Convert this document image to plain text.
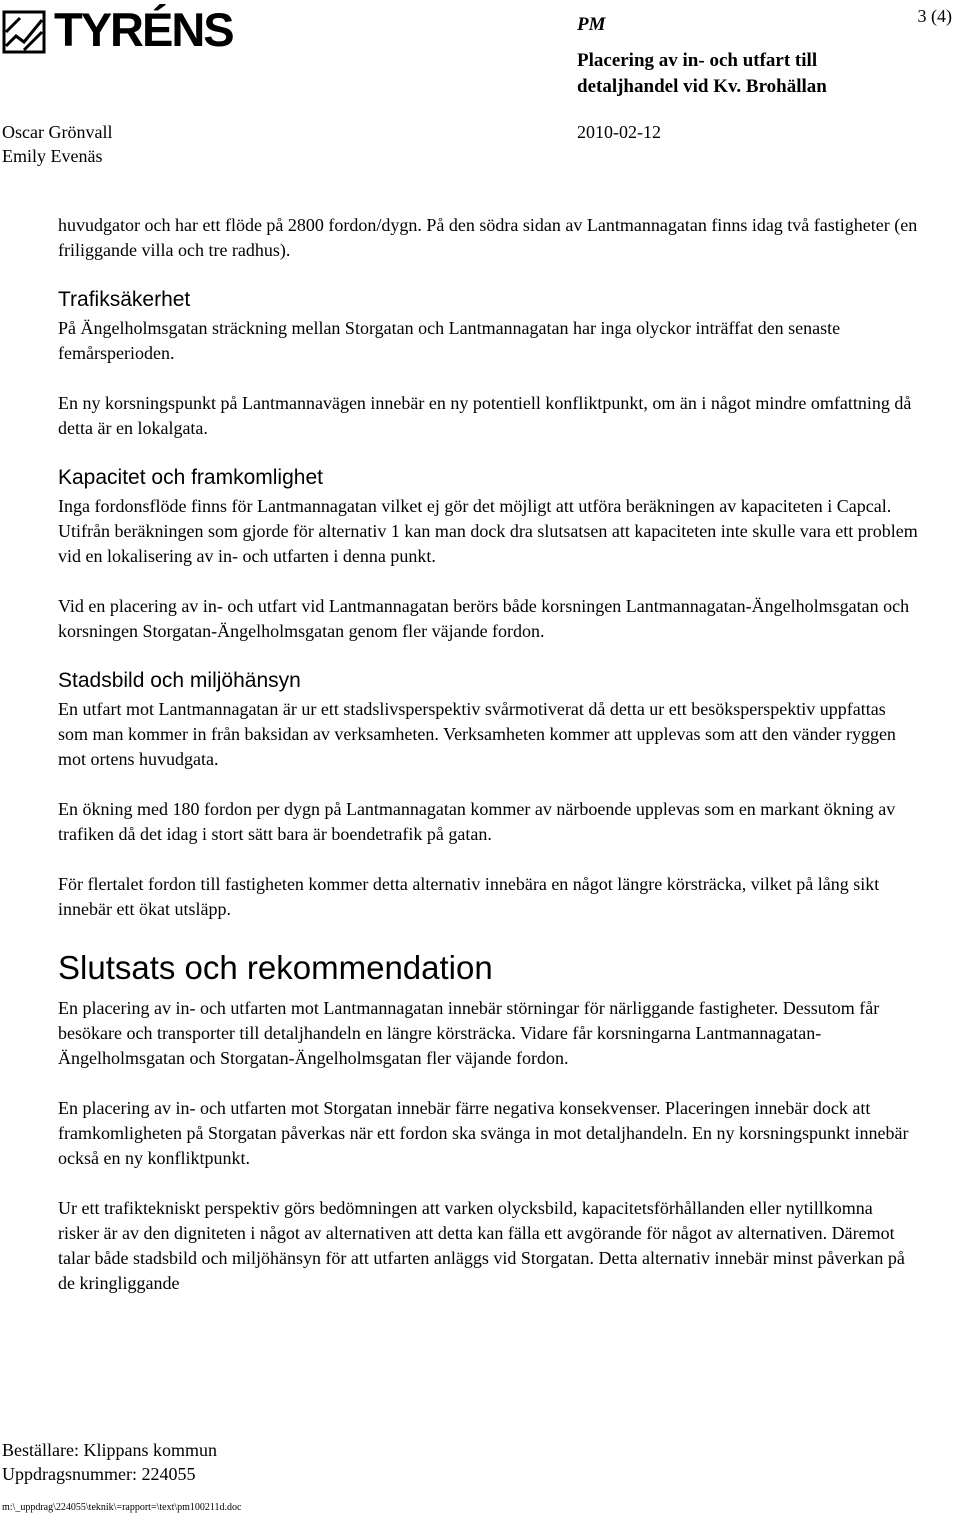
TYRÉNS	3 (4)
PM
Placering av in- och utfart till
detaljhandel vid Kv. Brohällan
Oscar Grönvall
Emily Evenäs
2010-02-12

huvudgator och har ett flöde på 2800 fordon/dygn. På den södra sidan av Lantmannagatan finns idag två fastigheter (en friliggande villa och tre radhus).

Trafiksäkerhet

På Ängelholmsgatan sträckning mellan Storgatan och Lantmannagatan har inga olyckor inträffat den senaste femårsperioden.

En ny korsningspunkt på Lantmannavägen innebär en ny potentiell konfliktpunkt, om än i något mindre omfattning då detta är en lokalgata.

Kapacitet och framkomlighet

Inga fordonsflöde finns för Lantmannagatan vilket ej gör det möjligt att utföra beräkningen av kapaciteten i Capcal. Utifrån beräkningen som gjorde för alternativ 1 kan man dock dra slutsatsen att kapaciteten inte skulle vara ett problem vid en lokalisering av in- och utfarten i denna punkt.

Vid en placering av in- och utfart vid Lantmannagatan berörs både korsningen Lantmannagatan-Ängelholmsgatan och korsningen Storgatan-Ängelholmsgatan genom fler väjande fordon.

Stadsbild och miljöhänsyn

En utfart mot Lantmannagatan är ur ett stadslivsperspektiv svårmotiverat då detta ur ett besöksperspektiv uppfattas som man kommer in från baksidan av verksamheten. Verksamheten kommer att upplevas som att den vänder ryggen mot ortens huvudgata.

En ökning med 180 fordon per dygn på Lantmannagatan kommer av närboende upplevas som en markant ökning av trafiken då det idag i stort sätt bara är boendetrafik på gatan.

För flertalet fordon till fastigheten kommer detta alternativ innebära en något längre körsträcka, vilket på lång sikt innebär ett ökat utsläpp.

Slutsats och rekommendation

En placering av in- och utfarten mot Lantmannagatan innebär störningar för närliggande fastigheter. Dessutom får besökare och transporter till detaljhandeln en längre körsträcka. Vidare får korsningarna Lantmannagatan-Ängelholmsgatan och Storgatan-Ängelholmsgatan fler väjande fordon.

En placering av in- och utfarten mot Storgatan innebär färre negativa konsekvenser. Placeringen innebär dock att framkomligheten på Storgatan påverkas när ett fordon ska svänga in mot detaljhandeln. En ny korsningspunkt innebär också en ny konfliktpunkt.

Ur ett trafiktekniskt perspektiv görs bedömningen att varken olycksbild, kapacitetsförhållanden eller nytillkomna risker är av den digniteten i något av alternativen att detta kan fälla ett avgörande för något av alternativen. Däremot talar både stadsbild och miljöhänsyn för att utfarten anläggs vid Storgatan. Detta alternativ innebär minst påverkan på de kringliggande

Beställare: Klippans kommun
Uppdragsnummer: 224055
m:\_uppdrag\224055\teknik\=rapport=\text\pm100211d.doc
